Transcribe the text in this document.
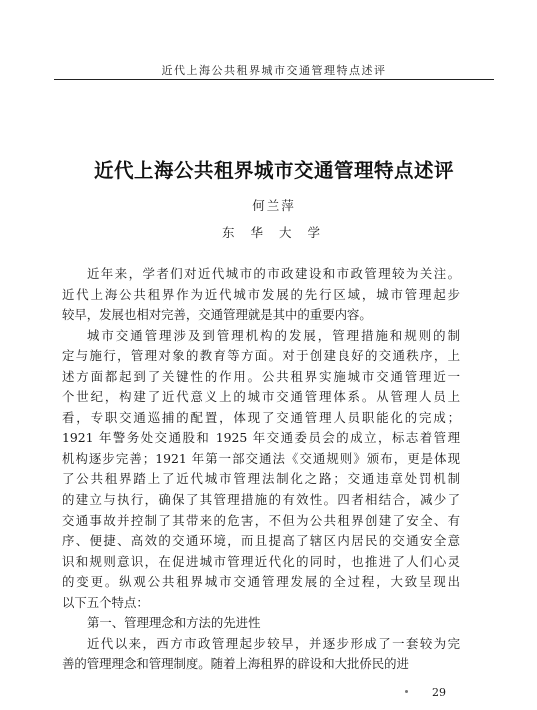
近代上海公共租界城市交通管理特点述评
近代上海公共租界城市交通管理特点述评
何兰萍
东 华 大 学
近年来，学者们对近代城市的市政建设和市政管理较为关注。
近代上海公共租界作为近代城市发展的先行区域，城市管理起步
较早，发展也相对完善，交通管理就是其中的重要内容。
城市交通管理涉及到管理机构的发展，管理措施和规则的制
定与施行，管理对象的教育等方面。对于创建良好的交通秩序，上
述方面都起到了关键性的作用。公共租界实施城市交通管理近一
个世纪，构建了近代意义上的城市交通管理体系。从管理人员上
看，专职交通巡捕的配置，体现了交通管理人员职能化的完成；
1921 年警务处交通股和 1925 年交通委员会的成立，标志着管理
机构逐步完善；1921 年第一部交通法《交通规则》颁布，更是体现
了公共租界踏上了近代城市管理法制化之路；交通违章处罚机制
的建立与执行，确保了其管理措施的有效性。四者相结合，减少了
交通事故并控制了其带来的危害，不但为公共租界创建了安全、有
序、便捷、高效的交通环境，而且提高了辖区内居民的交通安全意
识和规则意识，在促进城市管理近代化的同时，也推进了人们心灵
的变更。纵观公共租界城市交通管理发展的全过程，大致呈现出
以下五个特点：
第一、管理理念和方法的先进性
近代以来，西方市政管理起步较早，并逐步形成了一套较为完
善的管理理念和管理制度。随着上海租界的辟设和大批侨民的进
29
